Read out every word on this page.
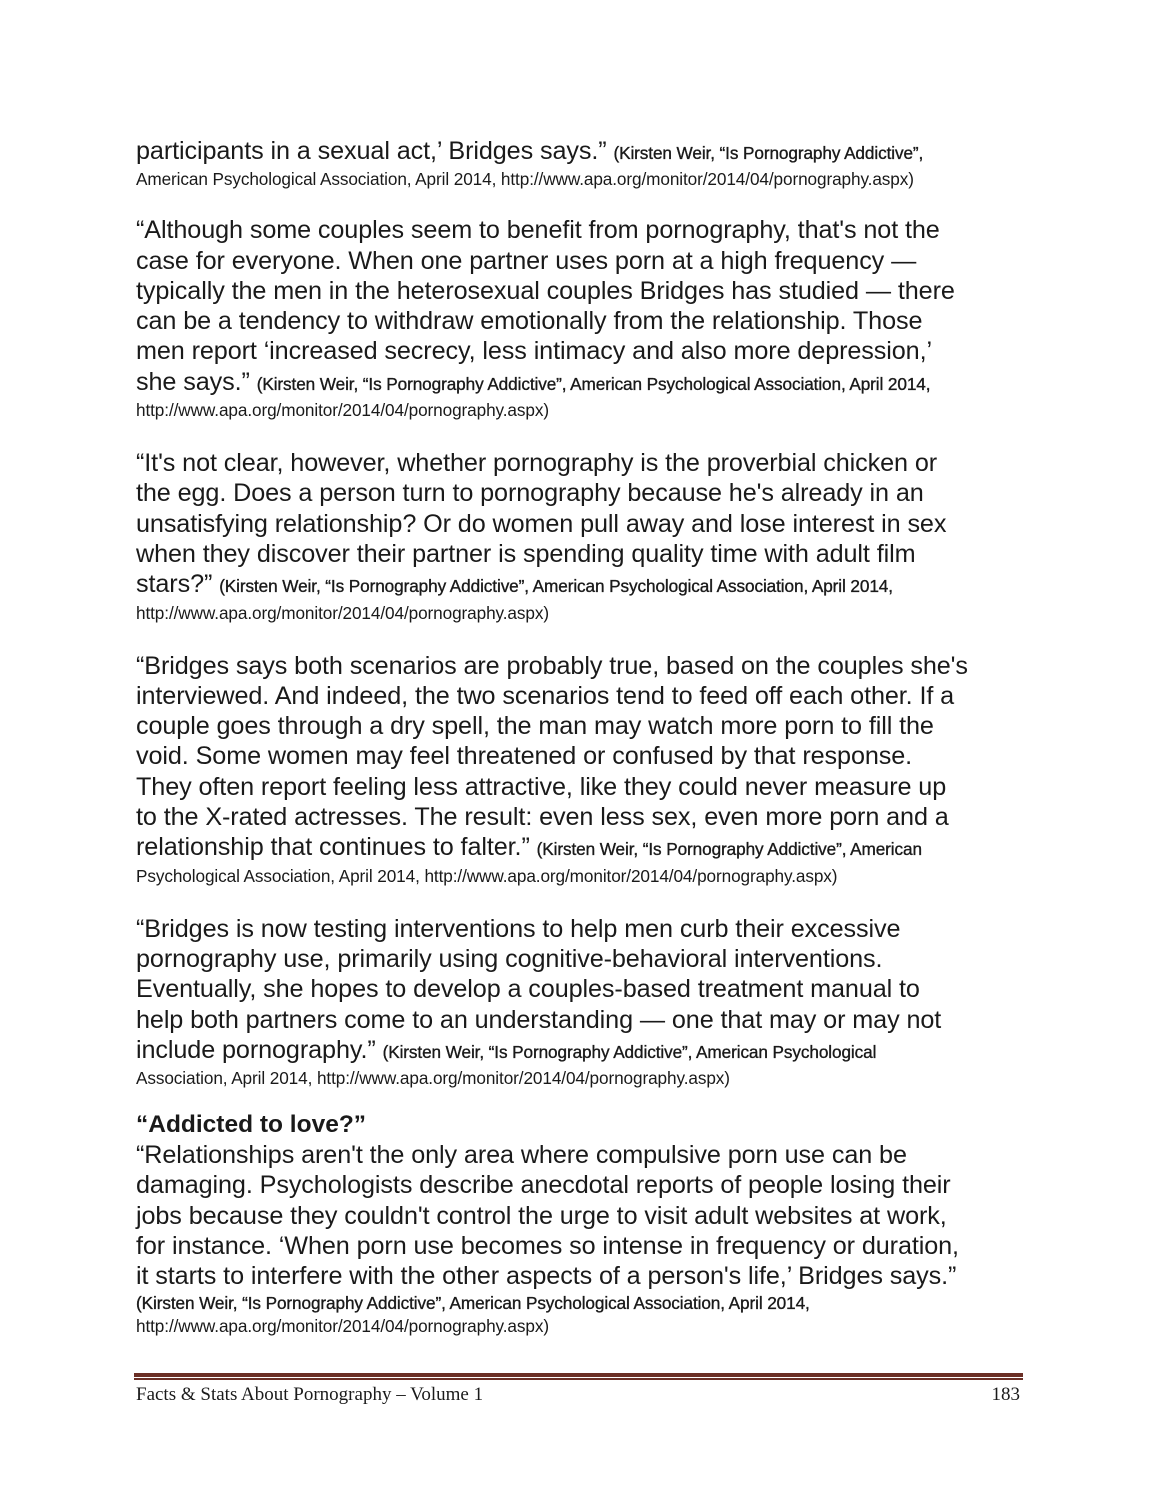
participants in a sexual act,’ Bridges says.” (Kirsten Weir, “Is Pornography Addictive”,
American Psychological Association, April 2014, http://www.apa.org/monitor/2014/04/pornography.aspx)

“Although some couples seem to benefit from pornography, that's not the
case for everyone. When one partner uses porn at a high frequency —
typically the men in the heterosexual couples Bridges has studied — there
can be a tendency to withdraw emotionally from the relationship. Those
men report ‘increased secrecy, less intimacy and also more depression,’
she says.” (Kirsten Weir, “Is Pornography Addictive”, American Psychological Association, April 2014,
http://www.apa.org/monitor/2014/04/pornography.aspx)

“It's not clear, however, whether pornography is the proverbial chicken or
the egg. Does a person turn to pornography because he's already in an
unsatisfying relationship? Or do women pull away and lose interest in sex
when they discover their partner is spending quality time with adult film
stars?” (Kirsten Weir, “Is Pornography Addictive”, American Psychological Association, April 2014,
http://www.apa.org/monitor/2014/04/pornography.aspx)

“Bridges says both scenarios are probably true, based on the couples she's
interviewed. And indeed, the two scenarios tend to feed off each other. If a
couple goes through a dry spell, the man may watch more porn to fill the
void. Some women may feel threatened or confused by that response.
They often report feeling less attractive, like they could never measure up
to the X-rated actresses. The result: even less sex, even more porn and a
relationship that continues to falter.” (Kirsten Weir, “Is Pornography Addictive”, American
Psychological Association, April 2014, http://www.apa.org/monitor/2014/04/pornography.aspx)

“Bridges is now testing interventions to help men curb their excessive
pornography use, primarily using cognitive-behavioral interventions.
Eventually, she hopes to develop a couples-based treatment manual to
help both partners come to an understanding — one that may or may not
include pornography.” (Kirsten Weir, “Is Pornography Addictive”, American Psychological
Association, April 2014, http://www.apa.org/monitor/2014/04/pornography.aspx)

“Addicted to love?”

“Relationships aren't the only area where compulsive porn use can be
damaging. Psychologists describe anecdotal reports of people losing their
jobs because they couldn't control the urge to visit adult websites at work,
for instance. ‘When porn use becomes so intense in frequency or duration,
it starts to interfere with the other aspects of a person's life,’ Bridges says.”
(Kirsten Weir, “Is Pornography Addictive”, American Psychological Association, April 2014,
http://www.apa.org/monitor/2014/04/pornography.aspx)

Facts & Stats About Pornography – Volume 1	183
